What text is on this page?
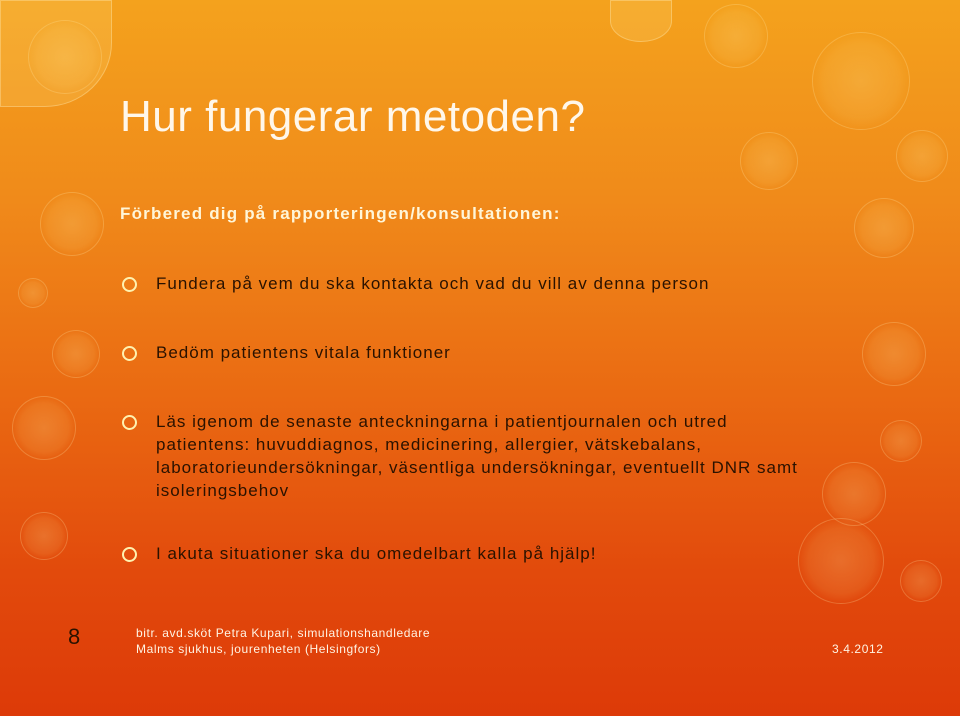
Hur fungerar metoden?
Förbered dig på rapporteringen/konsultationen:
Fundera på vem du ska kontakta och vad du vill av denna person
Bedöm patientens vitala funktioner
Läs igenom de senaste anteckningarna i patientjournalen och utred patientens: huvuddiagnos, medicinering, allergier, vätskebalans, laboratorieundersökningar, väsentliga undersökningar, eventuellt DNR samt isoleringsbehov
I akuta situationer ska du omedelbart kalla på hjälp!
8	bitr. avd.sköt Petra Kupari, simulationshandledare
Malms sjukhus, jourenheten (Helsingfors)	3.4.2012
